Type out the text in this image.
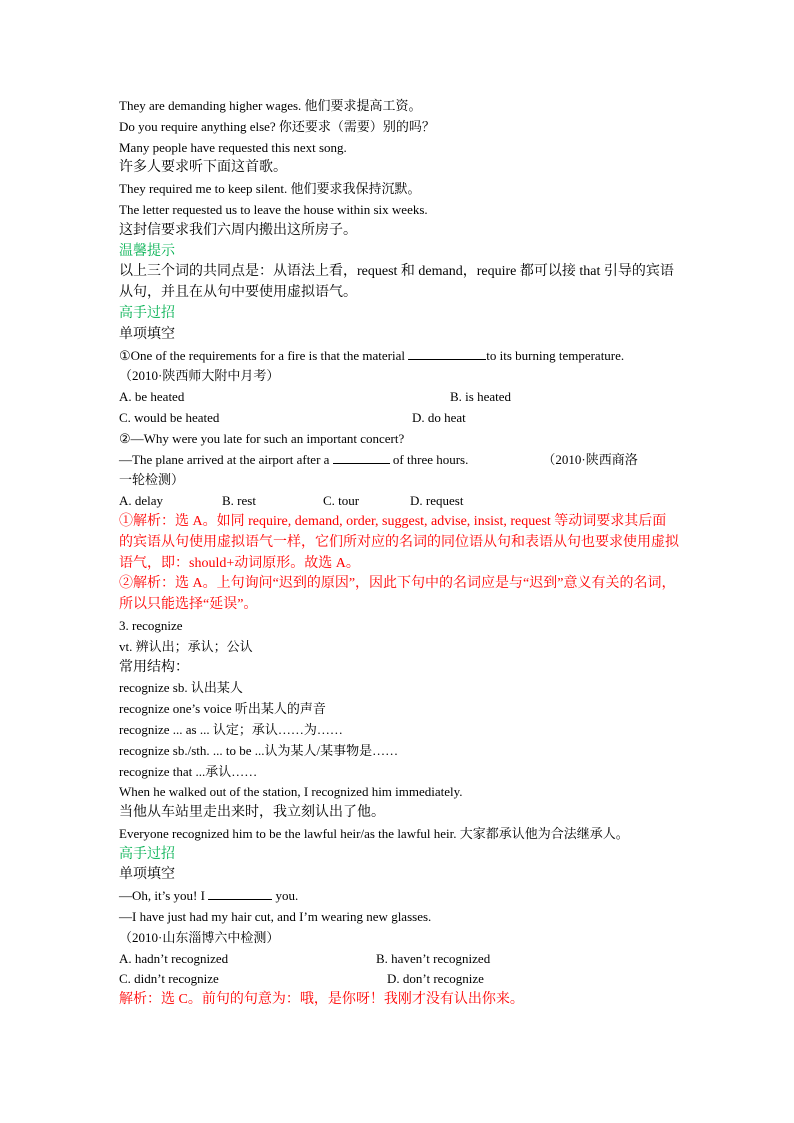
They are demanding higher wages. 他们要求提高工资。
Do you require anything else? 你还要求（需要）别的吗？
Many people have requested this next song.
许多人要求听下面这首歌。
They required me to keep silent. 他们要求我保持沉默。
The letter requested us to leave the house within six weeks.
这封信要求我们六周内搬出这所房子。
温馨提示
以上三个词的共同点是：从语法上看，request 和 demand，require 都可以接 that 引导的宾语从句，并且在从句中要使用虚拟语气。
高手过招
单项填空
①One of the requirements for a fire is that the material	to its burning temperature.
（2010·陕西师大附中月考）
A. be heated	B. is heated
C. would be heated	D. do heat
②—Why were you late for such an important concert?
—The plane arrived at the airport after a	of three hours.	（2010·陕西商洛
一轮检测）
A. delay	B. rest	C. tour	D. request
①解析：选 A。如同 require, demand, order, suggest, advise, insist, request 等动词要求其后面的宾语从句使用虚拟语气一样，它们所对应的名词的同位语从句和表语从句也要求使用虚拟语气，即：should+动词原形。故选 A。
②解析：选 A。上句询问“迟到的原因”，因此下句中的名词应是与“迟到”意义有关的名词，所以只能选择“延误”。
3. recognize
vt. 辨认出；承认；公认
常用结构：
recognize sb. 认出某人
recognize one’s voice 听出某人的声音
recognize ... as ... 认定；承认……为……
recognize sb./sth. ... to be ...认为某人/某事物是……
recognize that ...承认……
When he walked out of the station, I recognized him immediately.
当他从车站里走出来时，我立刻认出了他。
Everyone recognized him to be the lawful heir/as the lawful heir. 大家都承认他为合法继承人。
高手过招
单项填空
—Oh, it’s you! I	you.
—I have just had my hair cut, and I’m wearing new glasses.
（2010·山东淄博六中检测）
A. hadn’t recognized	B. haven’t recognized
C. didn’t recognize	D. don’t recognize
解析：选 C。前句的句意为：哦，是你呀！我刚才没有认出你来。
